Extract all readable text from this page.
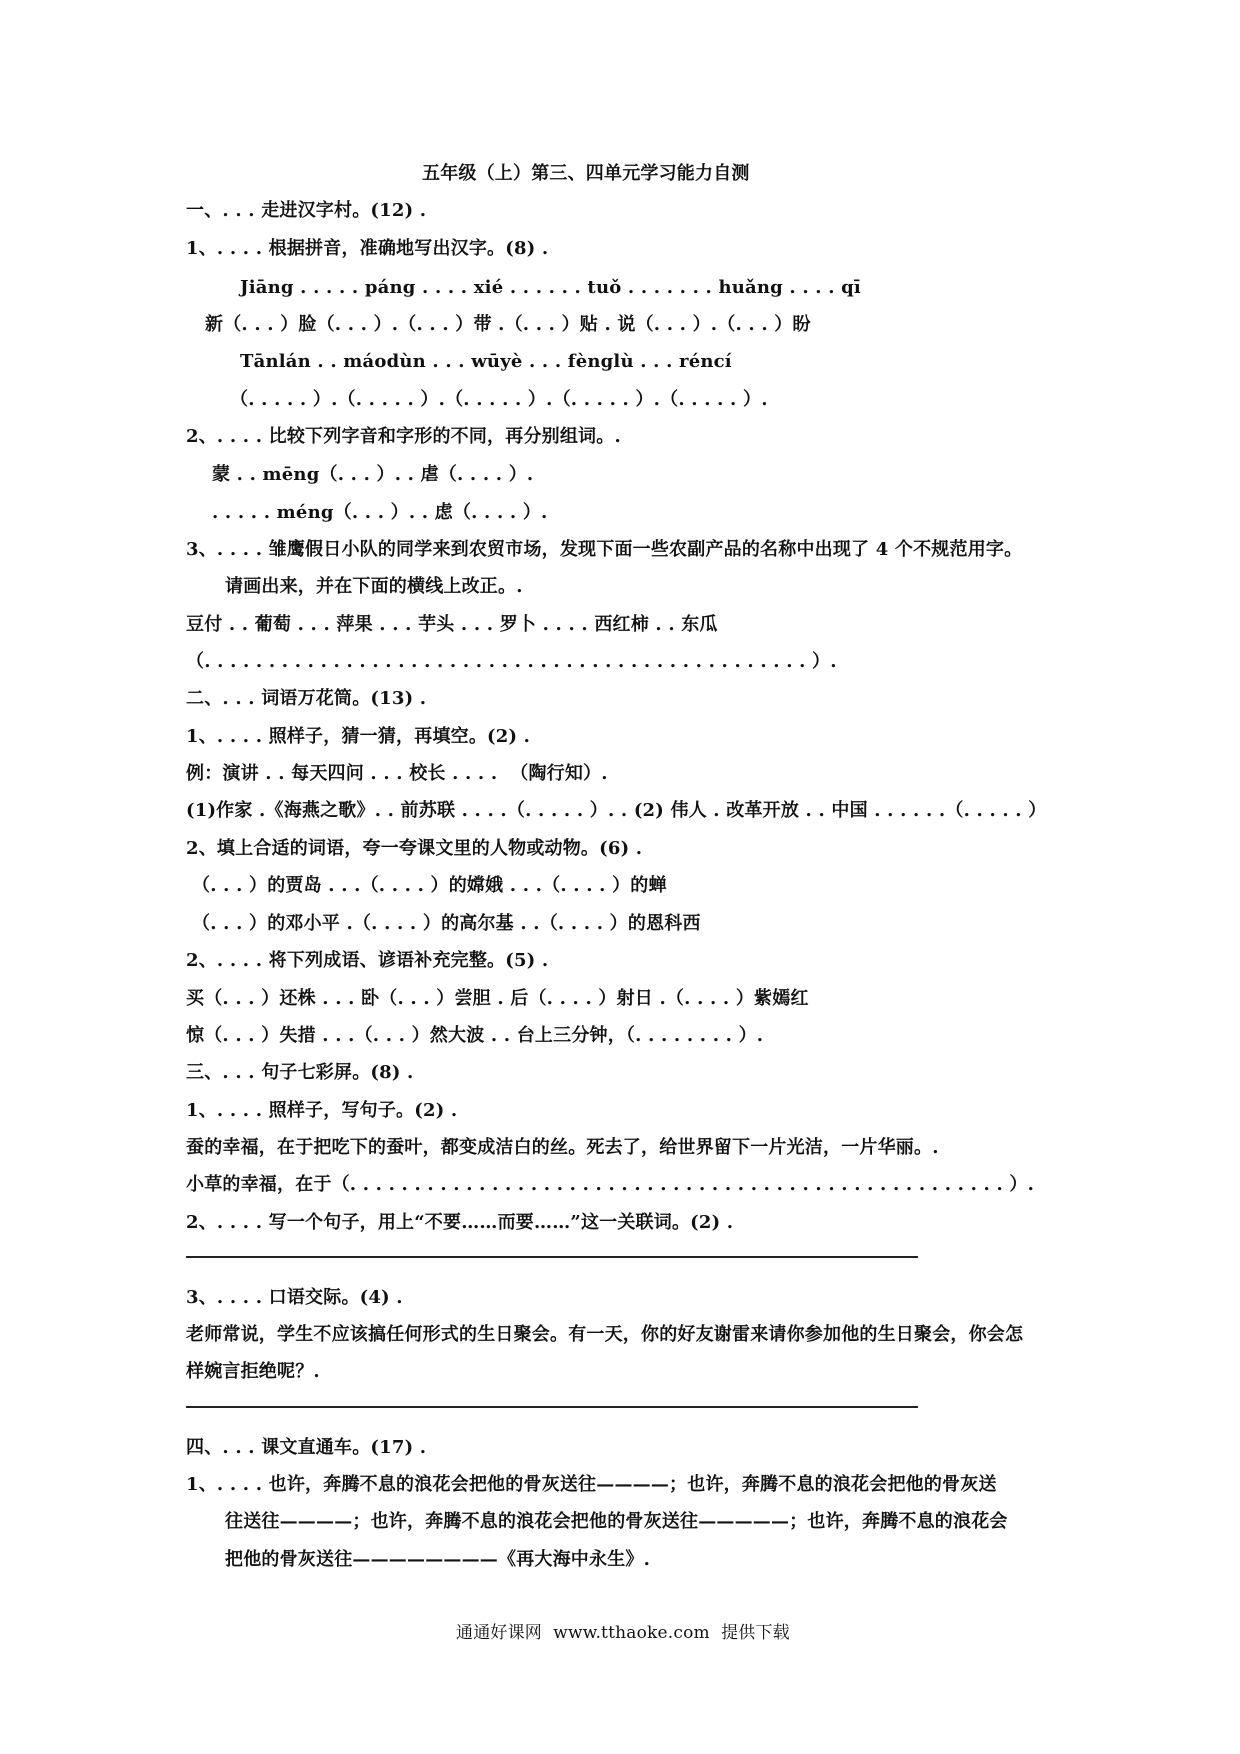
五年级（上）第三、四单元学习能力自测
一、. . . 走进汉字村。(12) .
1、. . . . 根据拼音，准确地写出汉字。(8) .
Jiāng . . . . . páng . . . . xié . . . . . . tuǒ . . . . . . . huǎng . . . . qī
新（. . . ）脸（. . . ）.（. . . ）带 .（. . . ）贴 . 说（. . . ）.（. . . ）盼
Tānlán . . máodùn . . . wūyè . . . fènglù . . . réncí
（. . . . . ）.（. . . . . ）.（. . . . . ）.（. . . . . ）.（. . . . . ）.
2、. . . . 比较下列字音和字形的不同，再分别组词。.
蒙 . . mēng（. . . ）. . 虐（. . . . ）.
. . . . . méng（. . . ）. . 虑（. . . . ）.
3、. . . . 雏鹰假日小队的同学来到农贸市场，发现下面一些农副产品的名称中出现了 4 个不规范用字。
请画出来，并在下面的横线上改正。.
豆付 . . 葡萄 . . . 萍果 . . . 芋头 . . . 罗卜 . . . . 西红柿 . . 东瓜
（. . . . . . . . . . . . . . . . . . . . . . . . . . . . . . . . . . . . . . . . . . . . . . . ）.
二、. . . 词语万花筒。(13) .
1、. . . . 照样子，猜一猜，再填空。(2) .
例：演讲 . . 每天四问 . . . 校长 . . . .  （陶行知）.
(1)作家 .《海燕之歌》. . 前苏联 . . . .（. . . . . ）. . (2) 伟人 . 改革开放 . . 中国 . . . . . .（. . . . . ）
2、填上合适的词语，夸一夸课文里的人物或动物。(6) .
（. . . ）的贾岛 . . .（. . . . ）的嫦娥 . . .（. . . . ）的蝉
（. . . ）的邓小平 .（. . . . ）的高尔基 . .（. . . . ）的恩科西
2、. . . . 将下列成语、谚语补充完整。(5) .
买（. . . ）还株 . . . 卧（. . . ）尝胆 . 后（. . . . ）射日 .（. . . . ）紫嫣红
惊（. . . ）失措 . . .（. . . ）然大波 . . 台上三分钟，（. . . . . . . . ）.
三、. . . 句子七彩屏。(8) .
1、. . . . 照样子，写句子。(2) .
蚕的幸福，在于把吃下的蚕叶，都变成洁白的丝。死去了，给世界留下一片光洁，一片华丽。.
小草的幸福，在于（. . . . . . . . . . . . . . . . . . . . . . . . . . . . . . . . . . . . . . . . . . . . . . . . . . . ）.
2、. . . . 写一个句子，用上“不要……而要……”这一关联词。(2) .
3、. . . . 口语交际。(4) .
老师常说，学生不应该搞任何形式的生日聚会。有一天，你的好友谢雷来请你参加他的生日聚会，你会怎
样婉言拒绝呢？.
四、. . . 课文直通车。(17) .
1、. . . . 也许，奔腾不息的浪花会把他的骨灰送往————；也许，奔腾不息的浪花会把他的骨灰送
往送往————；也许，奔腾不息的浪花会把他的骨灰送往—————；也许，奔腾不息的浪花会
把他的骨灰送往————————《再大海中永生》.
通通好课网  www.tthaoke.com  提供下载
